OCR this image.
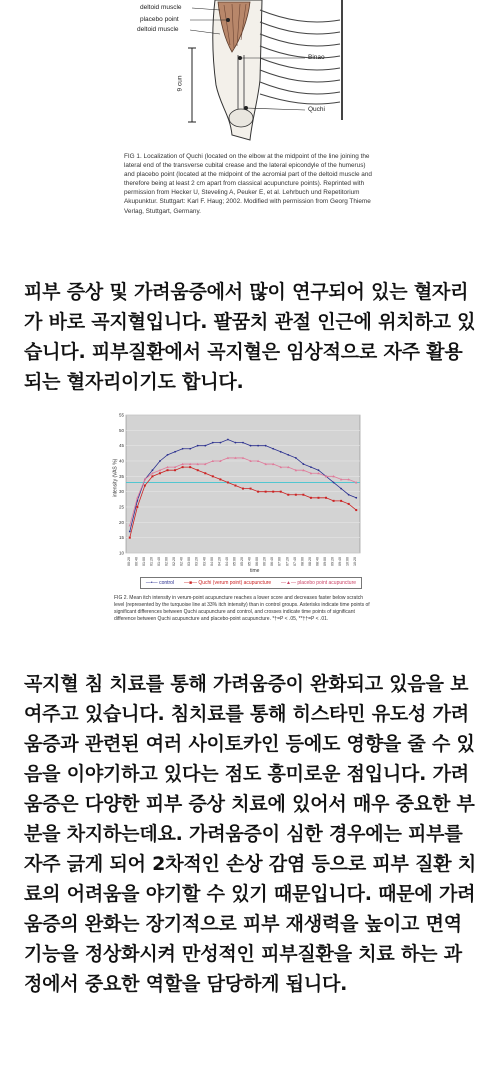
deltoid muscle
placebo point
deltoid muscle
Binao
Quchi
9 cun
FIG 1. Localization of Quchi (located on the elbow at the midpoint of the line joining the lateral end of the transverse cubital crease and the lateral epicondyle of the humerus) and placebo point (located at the midpoint of the acromial part of the deltoid muscle and therefore being at least 2 cm apart from classical acupuncture points). Reprinted with permission from Hecker U, Steveling A, Peuker E, et al. Lehrbuch und Repetitorium Akupunktur. Stuttgart: Karl F. Haug; 2002. Modified with permission from Georg Thieme Verlag, Stuttgart, Germany.
피부 증상 및 가려움증에서 많이 연구되어 있는 혈자리가 바로 곡지혈입니다. 팔꿈치 관절 인근에 위치하고 있습니다. 피부질환에서 곡지혈은 임상적으로 자주 활용되는 혈자리이기도 합니다.
10
15
20
25
30
35
40
45
50
55
00:20 00:40 01:00 01:20 01:40 02:00 02:20 02:40 03:00 03:20 03:40 04:00 04:20 04:40 05:00 05:20 05:40 06:00 06:20 06:40 07:00 07:20 07:40 08:00 08:20 08:40 09:00 09:20 09:40 10:00 10:20
intensity (VAS %)
time
—•— control —■— Quchi (verum point) acupuncture —▲— placebo point acupuncture
FIG 2. Mean itch intensity in verum-point acupuncture reaches a lower score and decreases faster below scratch level (represented by the turquoise line at 33% itch intensity) than in control groups. Asterisks indicate time points of significant differences between Quchi acupuncture and control, and crosses indicate time points of significant difference between Quchi acupuncture and placebo-point acupuncture. *†=P < .05, **††=P < .01.
곡지혈 침 치료를 통해 가려움증이 완화되고 있음을 보여주고 있습니다. 침치료를 통해 히스타민 유도성 가려움증과 관련된 여러 사이토카인 등에도 영향을 줄 수 있음을 이야기하고 있다는 점도 흥미로운 점입니다. 가려움증은 다양한 피부 증상 치료에 있어서 매우 중요한 부분을 차지하는데요. 가려움증이 심한 경우에는 피부를 자주 긁게 되어 2차적인 손상 감염 등으로 피부 질환 치료의 어려움을 야기할 수 있기 때문입니다. 때문에 가려움증의 완화는 장기적으로 피부 재생력을 높이고 면역기능을 정상화시켜 만성적인 피부질환을 치료 하는 과정에서 중요한 역할을 담당하게 됩니다.
